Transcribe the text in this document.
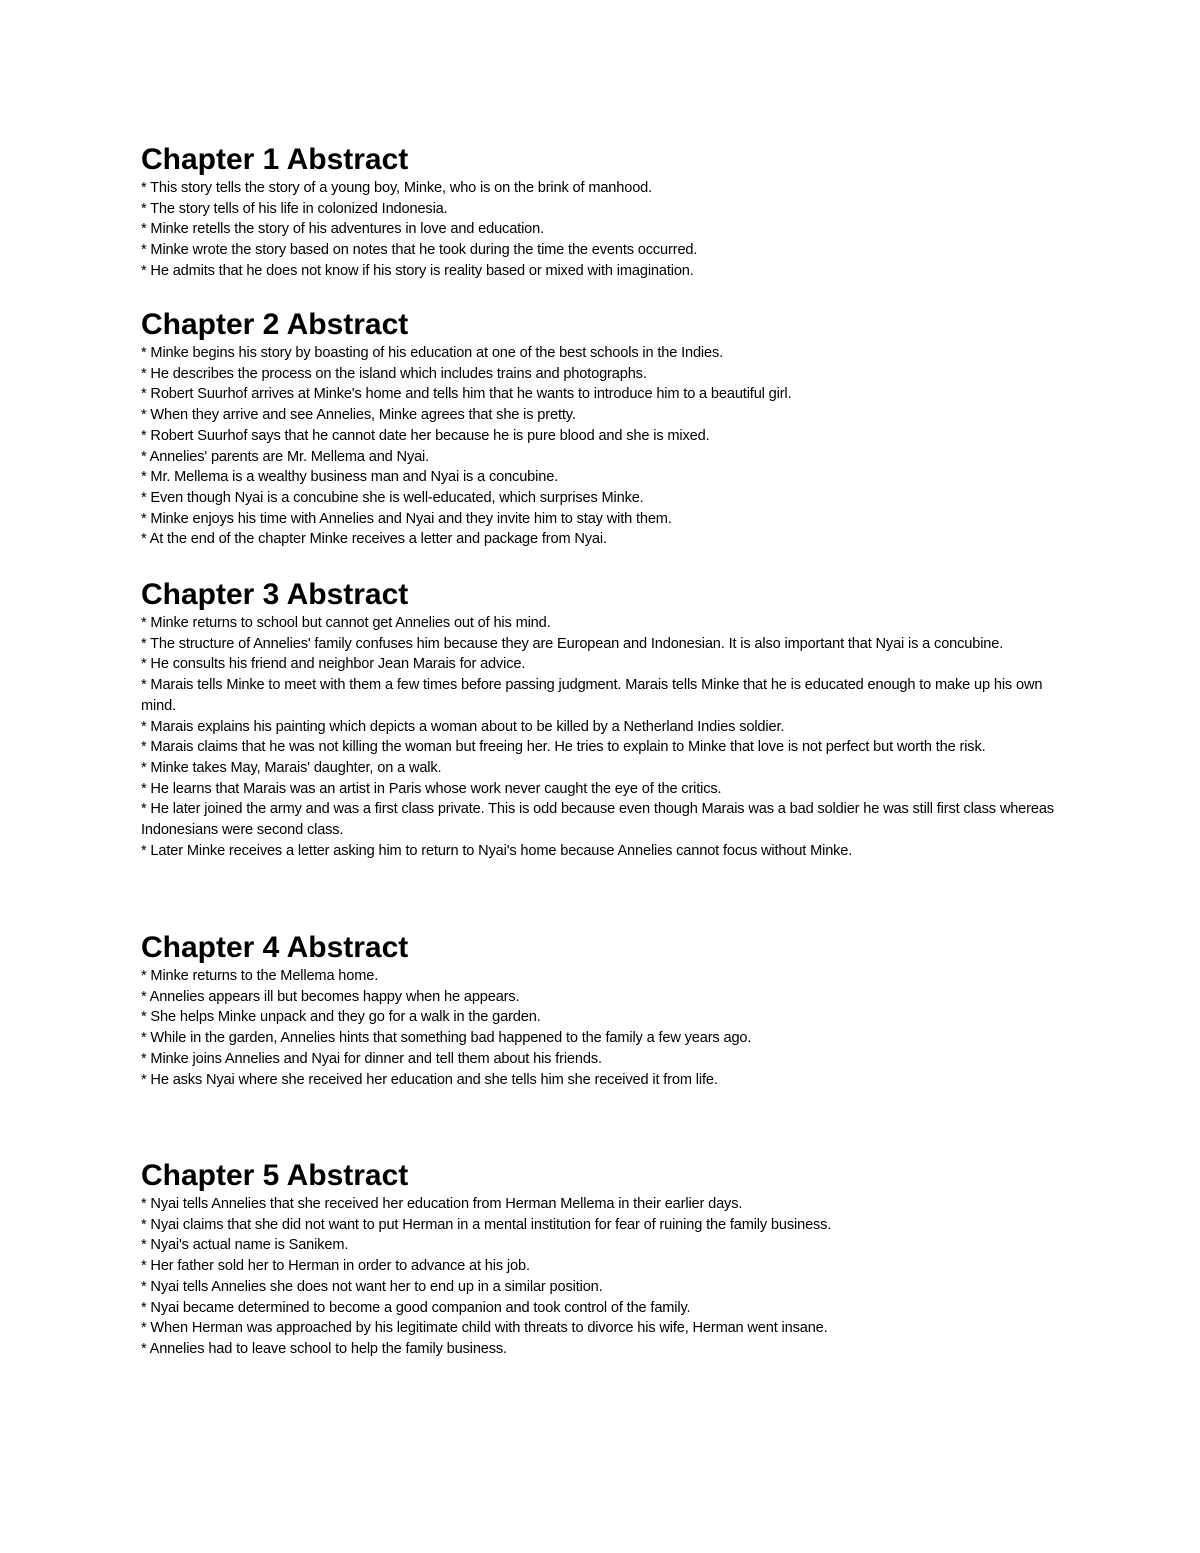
Chapter 1 Abstract
* This story tells the story of a young boy, Minke, who is on the brink of manhood.
* The story tells of his life in colonized Indonesia.
* Minke retells the story of his adventures in love and education.
* Minke wrote the story based on notes that he took during the time the events occurred.
* He admits that he does not know if his story is reality based or mixed with imagination.
Chapter 2 Abstract
* Minke begins his story by boasting of his education at one of the best schools in the Indies.
* He describes the process on the island which includes trains and photographs.
* Robert Suurhof arrives at Minke's home and tells him that he wants to introduce him to a beautiful girl.
* When they arrive and see Annelies, Minke agrees that she is pretty.
* Robert Suurhof says that he cannot date her because he is pure blood and she is mixed.
* Annelies' parents are Mr. Mellema and Nyai.
* Mr. Mellema is a wealthy business man and Nyai is a concubine.
* Even though Nyai is a concubine she is well-educated, which surprises Minke.
* Minke enjoys his time with Annelies and Nyai and they invite him to stay with them.
* At the end of the chapter Minke receives a letter and package from Nyai.
Chapter 3 Abstract
* Minke returns to school but cannot get Annelies out of his mind.
* The structure of Annelies' family confuses him because they are European and Indonesian. It is also important that Nyai is a concubine.
* He consults his friend and neighbor Jean Marais for advice.
* Marais tells Minke to meet with them a few times before passing judgment. Marais tells Minke that he is educated enough to make up his own mind.
* Marais explains his painting which depicts a woman about to be killed by a Netherland Indies soldier.
* Marais claims that he was not killing the woman but freeing her. He tries to explain to Minke that love is not perfect but worth the risk.
* Minke takes May, Marais' daughter, on a walk.
* He learns that Marais was an artist in Paris whose work never caught the eye of the critics.
* He later joined the army and was a first class private. This is odd because even though Marais was a bad soldier he was still first class whereas Indonesians were second class.
* Later Minke receives a letter asking him to return to Nyai's home because Annelies cannot focus without Minke.
Chapter 4 Abstract
* Minke returns to the Mellema home.
* Annelies appears ill but becomes happy when he appears.
* She helps Minke unpack and they go for a walk in the garden.
* While in the garden, Annelies hints that something bad happened to the family a few years ago.
* Minke joins Annelies and Nyai for dinner and tell them about his friends.
* He asks Nyai where she received her education and she tells him she received it from life.
Chapter 5 Abstract
* Nyai tells Annelies that she received her education from Herman Mellema in their earlier days.
* Nyai claims that she did not want to put Herman in a mental institution for fear of ruining the family business.
* Nyai's actual name is Sanikem.
* Her father sold her to Herman in order to advance at his job.
* Nyai tells Annelies she does not want her to end up in a similar position.
* Nyai became determined to become a good companion and took control of the family.
* When Herman was approached by his legitimate child with threats to divorce his wife, Herman went insane.
* Annelies had to leave school to help the family business.
